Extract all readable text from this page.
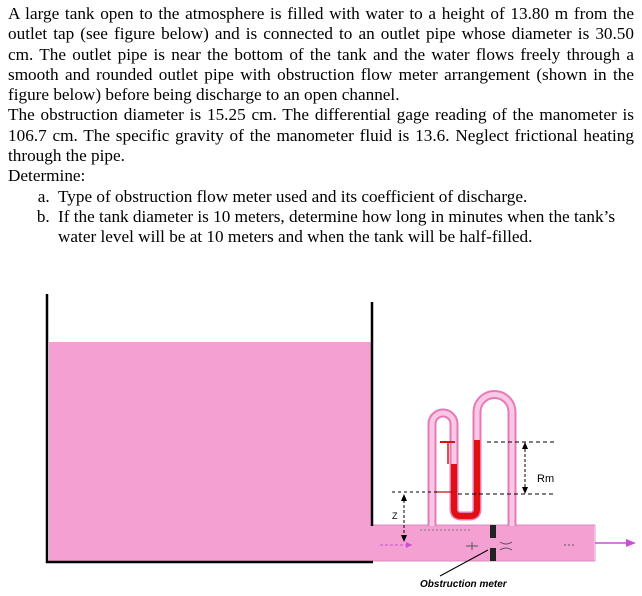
A large tank open to the atmosphere is filled with water to a height of 13.80 m from the outlet tap (see figure below) and is connected to an outlet pipe whose diameter is 30.50 cm. The outlet pipe is near the bottom of the tank and the water flows freely through a smooth and rounded outlet pipe with obstruction flow meter arrangement (shown in the figure below) before being discharge to an open channel.

The obstruction diameter is 15.25 cm. The differential gage reading of the manometer is 106.7 cm. The specific gravity of the manometer fluid is 13.6. Neglect frictional heating through the pipe.

Determine:

a. Type of obstruction flow meter used and its coefficient of discharge.
b. If the tank diameter is 10 meters, determine how long in minutes when the tank’s water level will be at 10 meters and when the tank will be half-filled.
Rm
Z
Obstruction meter
